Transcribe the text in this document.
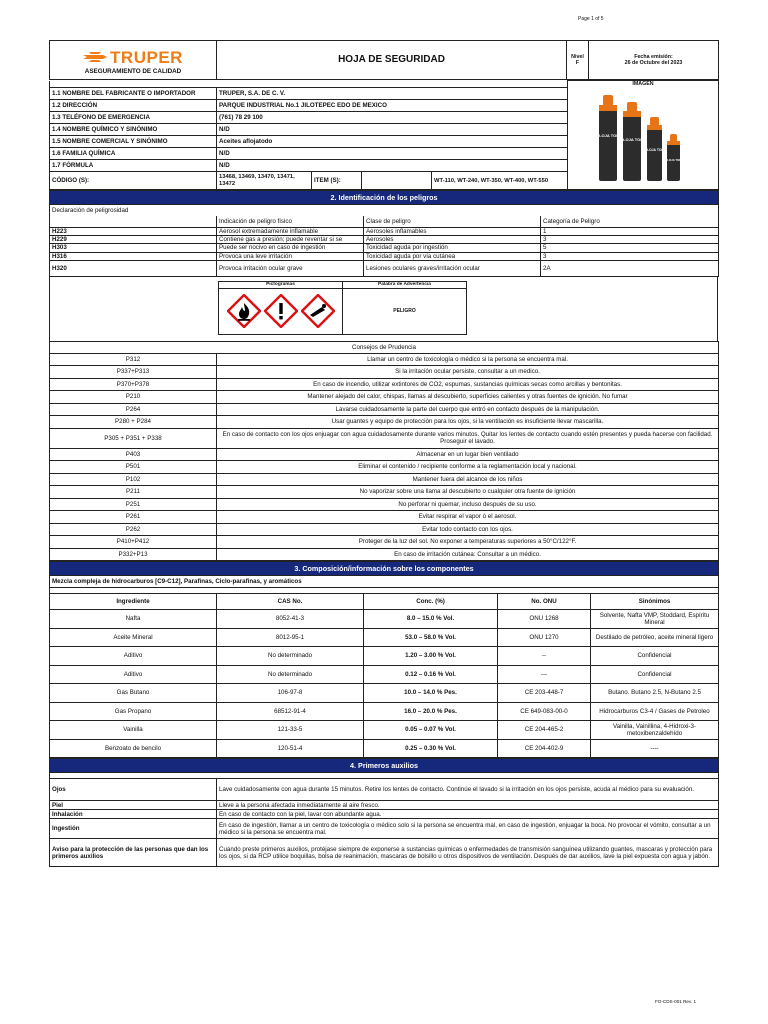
Page 1 of 5
TRUPER
ASEGURAMIENTO DE CALIDAD
	HOJA DE SEGURIDAD	Nivel
F

Fecha emisión:
26 de Octubre del 2023

					IMAGEN
AFLOJA TODO
AFLOJA TODO
AFLOJA TODO
AFLOJA TODO

1.1 NOMBRE DEL FABRICANTE O IMPORTADOR	TRUPER, S.A. DE C. V.				
1.2 DIRECCIÓN	PARQUE INDUSTRIAL No.1 JILOTEPEC EDO DE MEXICO				
1.3 TELÉFONO DE EMERGENCIA	(761) 78 29 100				
1.4 NOMBRE QUÍMICO Y SINÓNIMO	N/D				
1.5 NOMBRE COMERCIAL Y SINÓNIMO	Aceites aflojatodo				
1.6 FAMILIA QUÍMICA	N/D				
1.7 FÓRMULA	N/D				
CÓDIGO (S):	13468, 13469, 13470, 13471, 13472	ITEM (S):		WT-110, WT-240, WT-350, WT-400, WT-550	
2. Identificación de los peligros			
Declaración de peligrosidad			
	Indicación de peligro físico	Clase de peligro	Categoría de Peligro
H223	Aerosol extremadamente inflamable	Aerosoles inflamables	1
H229	Contiene gas a presión; puede reventar si se	Aerosoles	3
H303	Puede ser nocivo en caso de ingestión	Toxicidad aguda por ingestión	5
H316	Provoca una leve irritación	Toxicidad aguda por vía cutánea	3
H320	Provoca irritación ocular grave	Lesiones oculares graves/irritación ocular	2A
Pictogramas	Palabra de Advertencia
PELIGRO
Consejos de Prudencia	
P312	Llamar un centro de toxicología o médico si la persona se encuentra mal.
P337+P313	Si la irritación ocular persiste, consultar a un medico.
P370+P378	En caso de incendio, utilizar extintores de CO2, espumas, sustancias químicas secas como arcillas y bentonitas.
P210	Mantener alejado del calor, chispas, llamas al descubierto, superficies calientes y otras fuentes de ignición. No fumar
P264	Lavarse cuidadosamente la parte del cuerpo que entró en contacto después de la manipulación.
P280 + P284	Usar guantes y equipo de protección para los ojos, si la ventilación es insuficiente llevar mascarilla.
P305 + P351 + P338	En caso de contacto con los ojos enjuagar con agua cuidadosamente durante varios minutos. Quitar los lentes de contacto cuando estén presentes y pueda hacerse con facilidad. Proseguir el lavado.
P403	Almacenar en un lugar bien ventilado
P501	Eliminar el contenido / recipiente conforme a la reglamentación local y nacional.
P102	Mantener fuera del alcance de los niños
P211	No vaporizar sobre una llama al descubierto o cualquier otra fuente de ignición
P251	No perforar ni quemar, incluso después de su uso.
P261	Evitar respirar el vapor ó el aerosol.
P262	Evitar todo contacto con los ojos.
P410+P412	Proteger de la luz del sol. No exponer a temperaturas superiores a 50°C/122°F.
P332+P13	En caso de irritación cutánea: Consultar a un médico.
3. Composición/información sobre los componentes				
Mezcla compleja de hidrocarburos [C9-C12], Parafinas, Ciclo-parafinas, y aromáticos				

Ingrediente	CAS No.	Conc. (%)	No. ONU	Sinónimos
Nafta	8052-41-3	8.0 – 15.0 % Vol.	ONU 1268	Solvente, Nafta VMP, Stoddard, Espíritu Mineral
Aceite Mineral	8012-95-1	53.0 – 58.0 % Vol.	ONU 1270	Destilado de petróleo, aceite mineral ligero
Aditivo	No determinado	1.20 – 3.00 % Vol.	--	Confidencial
Aditivo	No determinado	0.12 – 0.16 % Vol.	---	Confidencial
Gas Butano	106-97-8	10.0 – 14.0 % Pes.	CE 203-448-7	Butano. Butano 2.5, N-Butano 2.5
Gas Propano	68512-91-4	16.0 – 20.0 % Pes.	CE 649-083-00-0	Hidrocarburos C3-4 / Gases de Petroleo
Vainilla	121-33-5	0.05 – 0.07 % Vol.	CE 204-465-2	Vainilla, Vainillina, 4-Hidroxi-3-metoxibenzaldehído
Benzoato de bencilo	120-51-4	0.25 – 0.30 % Vol.	CE 204-402-9	----
4. Primeros auxilios	

Ojos	Lave cuidadosamente con agua durante 15 minutos. Retire los lentes de contacto. Continúe el lavado si la irritación en los ojos persiste, acuda al médico para su evaluación.
Piel	Lleve a la persona afectada inmediatamente al aire fresco.
Inhalación	En caso de contacto con la piel, lavar con abundante agua.
Ingestión	En caso de ingestión, llamar a un centro de toxicología o médico solo si la persona se encuentra mal, en caso de ingestión, enjuagar la boca. No provocar el vómito, consultar a un médico si la persona se encuentra mal.
Aviso para la protección de las personas que dan los primeros auxilios	Cuando preste primeros auxilios, protéjase siempre de exponerse a sustancias químicas o enfermedades de transmisión sanguínea utilizando guantes, mascaras y protección para los ojos, si da RCP utilice boquillas, bolsa de reanimación, mascaras de bolsillo u otros dispositivos de ventilación. Después de dar auxilios, lave la piel expuesta con agua y jabón.
FO-CDS-001 Rev. 1
